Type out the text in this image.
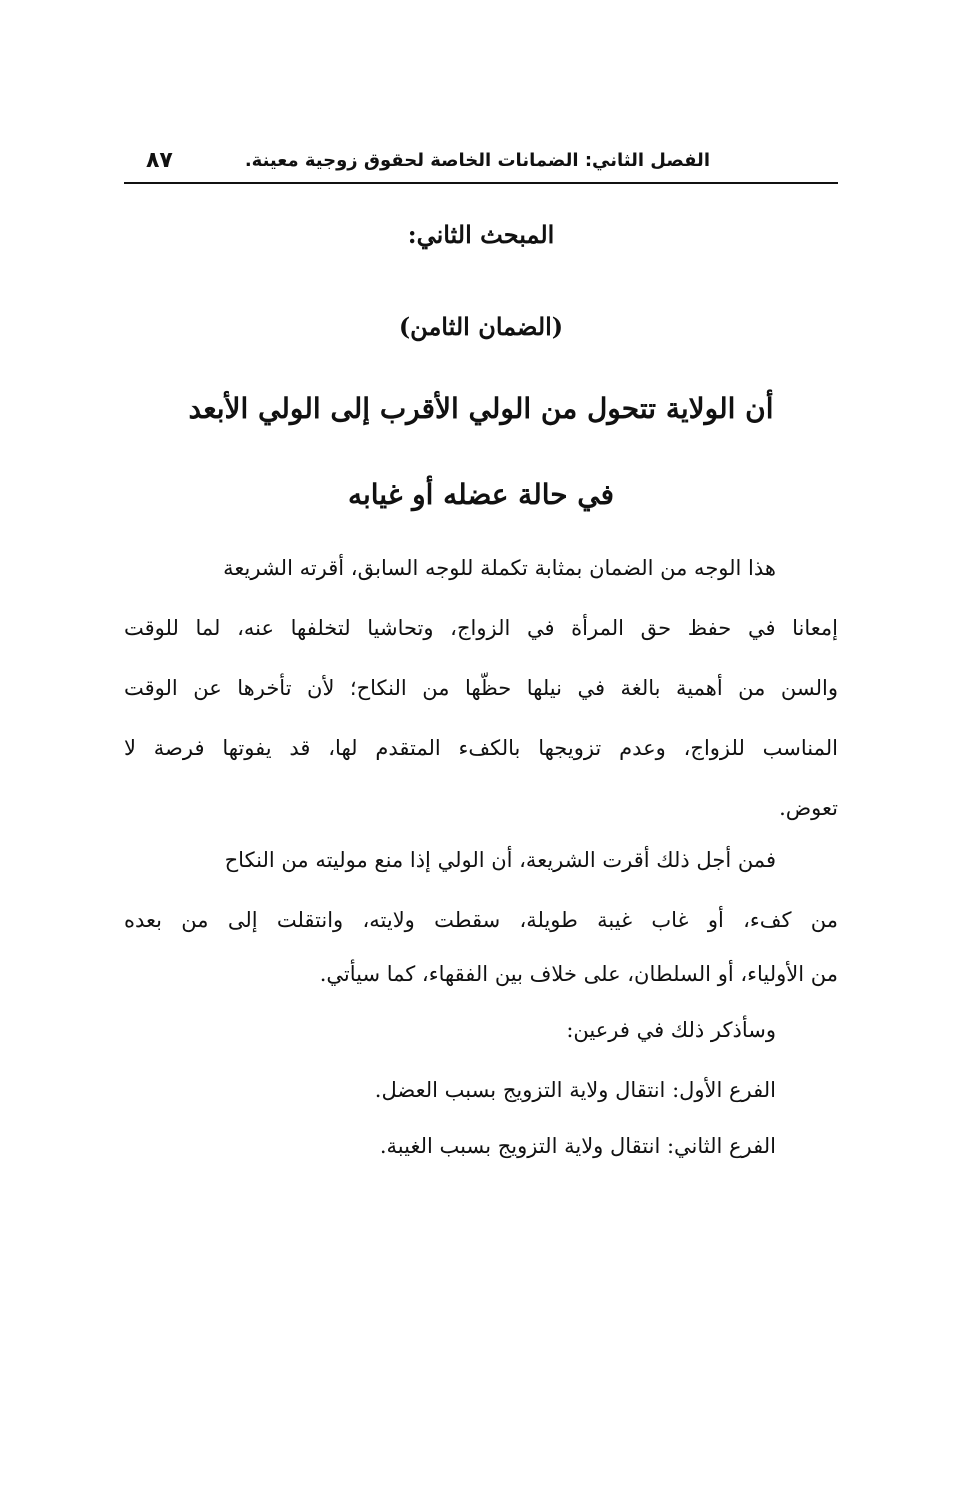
الفصل الثاني: الضمانات الخاصة لحقوق زوجية معينة.
٨٧
المبحث الثاني:
(الضمان الثامن)
أن الولاية تتحول من الولي الأقرب إلى الولي الأبعد
في حالة عضله أو غيابه
هذا الوجه من الضمان بمثابة تكملة للوجه السابق، أقرته الشريعة
إمعانا في حفظ حق المرأة في الزواج، وتحاشيا لتخلفها عنه، لما للوقت
والسن من أهمية بالغة في نيلها حظّها من النكاح؛ لأن تأخرها عن الوقت
المناسب للزواج، وعدم تزويجها بالكفء المتقدم لها، قد يفوتها فرصة لا
تعوض.
فمن أجل ذلك أقرت الشريعة، أن الولي إذا منع موليته من النكاح
من كفء، أو غاب غيبة طويلة، سقطت ولايته، وانتقلت إلى من بعده
من الأولياء، أو السلطان، على خلاف بين الفقهاء، كما سيأتي.
وسأذكر ذلك في فرعين:
الفرع الأول: انتقال ولاية التزويج بسبب العضل.
الفرع الثاني: انتقال ولاية التزويج بسبب الغيبة.
